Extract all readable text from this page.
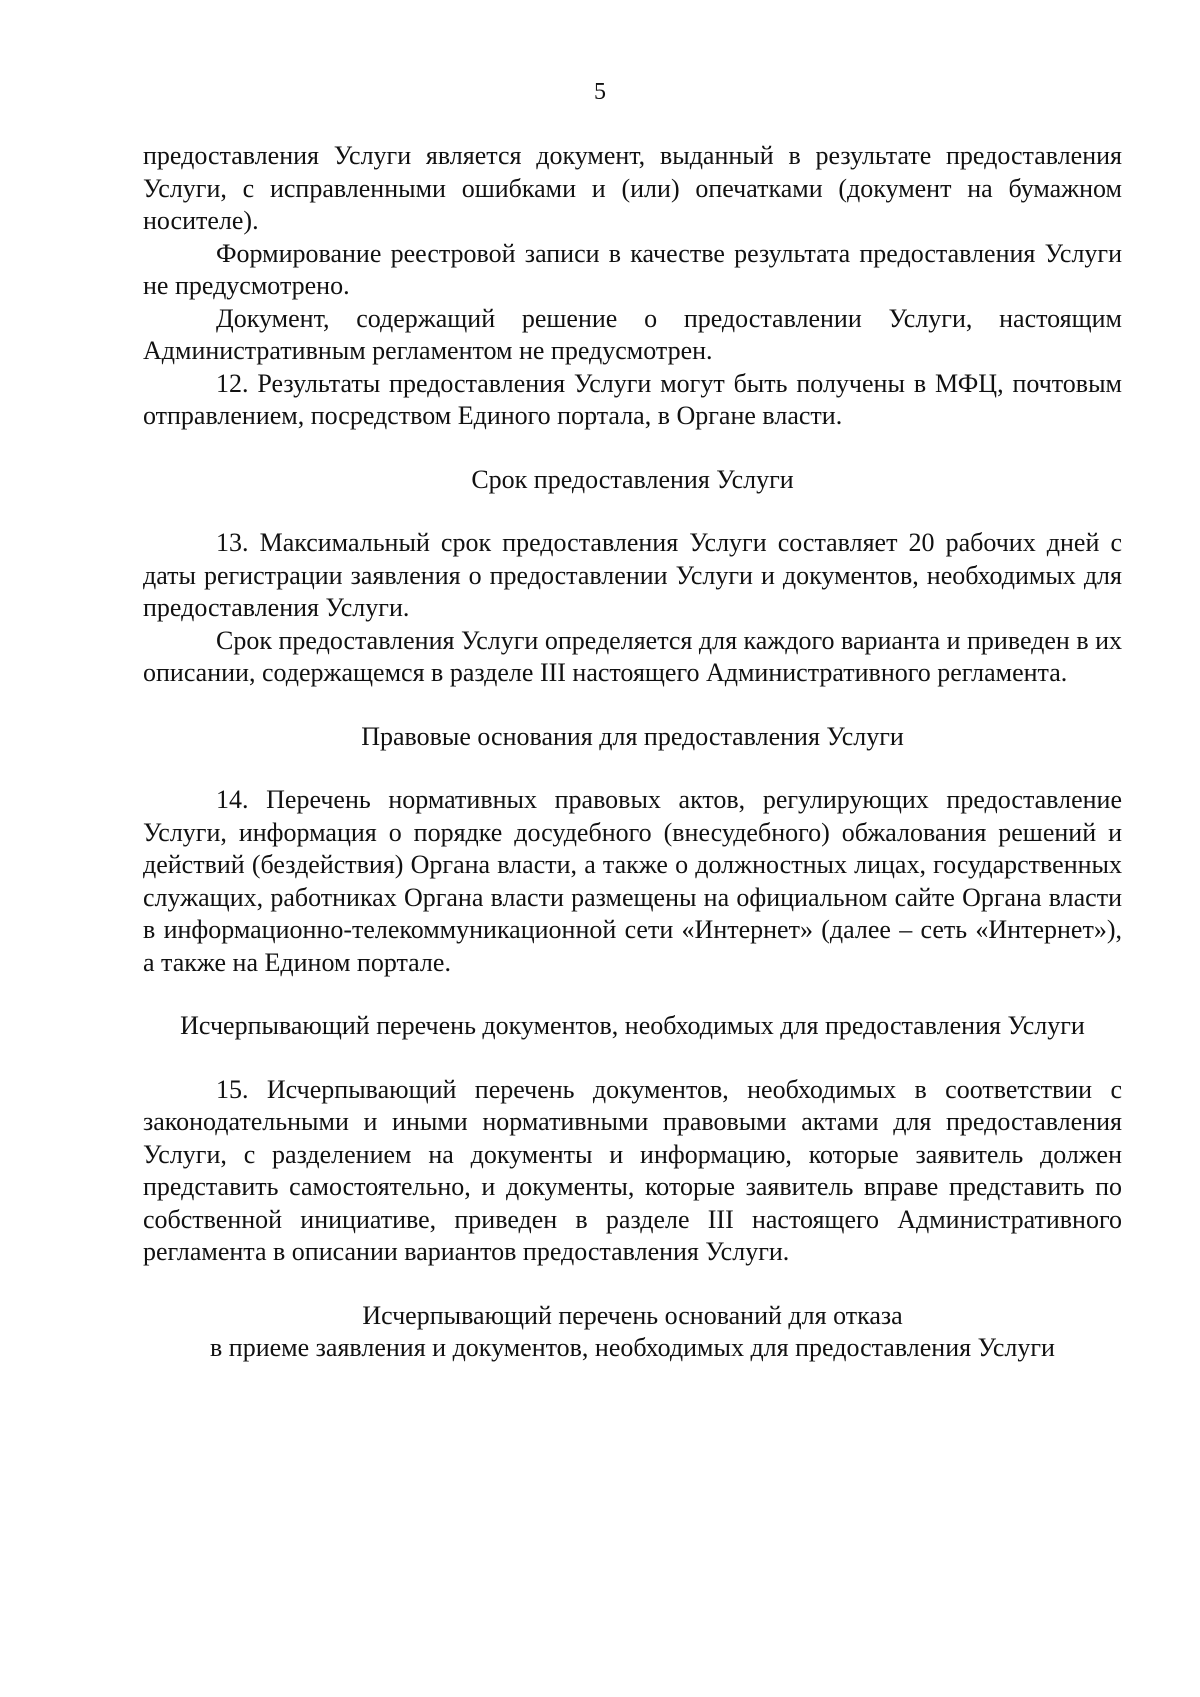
5

предоставления Услуги является документ, выданный в результате предоставления Услуги, с исправленными ошибками и (или) опечатками (документ на бумажном носителе).

Формирование реестровой записи в качестве результата предоставления Услуги не предусмотрено.

Документ, содержащий решение о предоставлении Услуги, настоящим Административным регламентом не предусмотрен.

12. Результаты предоставления Услуги могут быть получены в МФЦ, почтовым отправлением, посредством Единого портала, в Органе власти.

Срок предоставления Услуги

13. Максимальный срок предоставления Услуги составляет 20 рабочих дней с даты регистрации заявления о предоставлении Услуги и документов, необходимых для предоставления Услуги.

Срок предоставления Услуги определяется для каждого варианта и приведен в их описании, содержащемся в разделе III настоящего Административного регламента.

Правовые основания для предоставления Услуги

14. Перечень нормативных правовых актов, регулирующих предоставление Услуги, информация о порядке досудебного (внесудебного) обжалования решений и действий (бездействия) Органа власти, а также о должностных лицах, государственных служащих, работниках Органа власти размещены на официальном сайте Органа власти в информационно-телекоммуникационной сети «Интернет» (далее – сеть «Интернет»), а также на Едином портале.

Исчерпывающий перечень документов, необходимых для предоставления Услуги

15. Исчерпывающий перечень документов, необходимых в соответствии с законодательными и иными нормативными правовыми актами для предоставления Услуги, с разделением на документы и информацию, которые заявитель должен представить самостоятельно, и документы, которые заявитель вправе представить по собственной инициативе, приведен в разделе III настоящего Административного регламента в описании вариантов предоставления Услуги.

Исчерпывающий перечень оснований для отказа
в приеме заявления и документов, необходимых для предоставления Услуги
